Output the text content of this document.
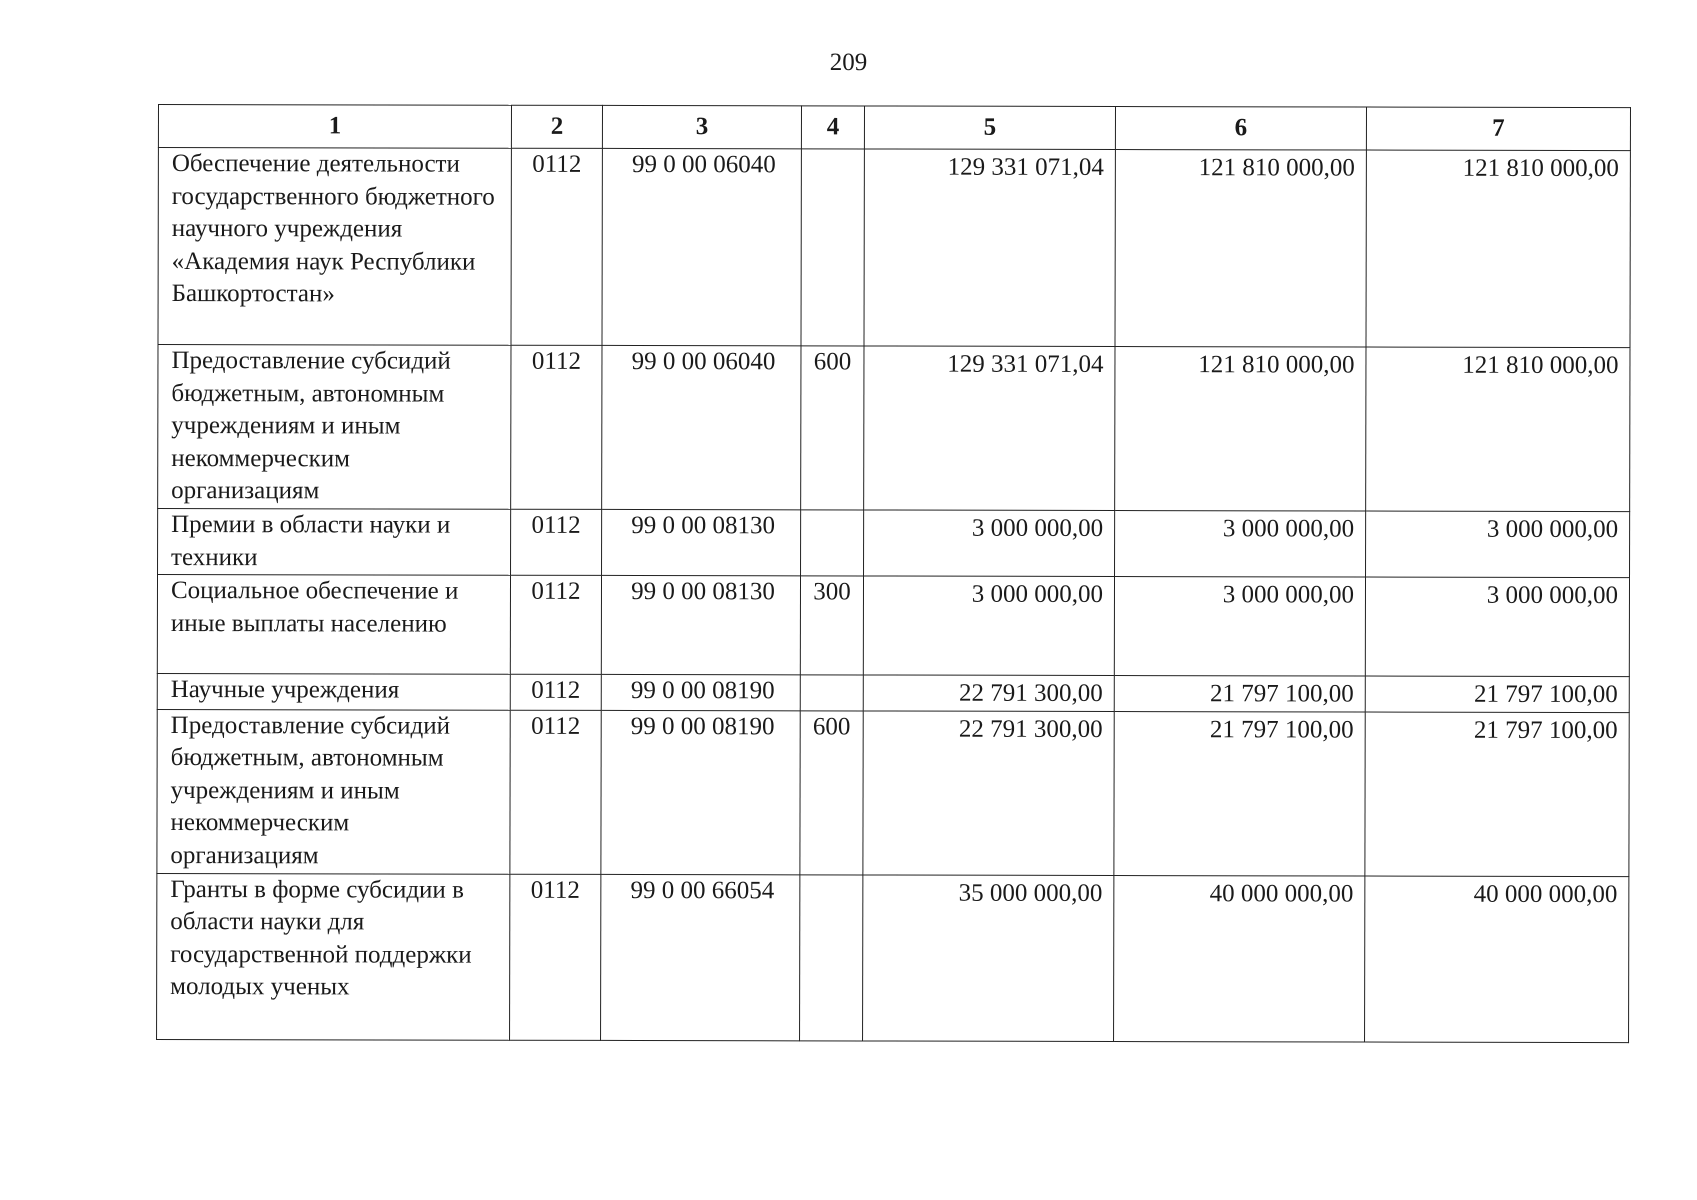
209
1	2	3	4	5	6	7
Обеспечение деятельности государственного бюджетного научного учреждения «Академия наук Республики Башкортостан»	0112	99 0 00 06040		129 331 071,04	121 810 000,00	121 810 000,00
Предоставление субсидий бюджетным, автономным учреждениям и иным некоммерческим организациям	0112	99 0 00 06040	600	129 331 071,04	121 810 000,00	121 810 000,00
Премии в области науки и техники	0112	99 0 00 08130		3 000 000,00	3 000 000,00	3 000 000,00
Социальное обеспечение и иные выплаты населению	0112	99 0 00 08130	300	3 000 000,00	3 000 000,00	3 000 000,00
Научные учреждения	0112	99 0 00 08190		22 791 300,00	21 797 100,00	21 797 100,00
Предоставление субсидий бюджетным, автономным учреждениям и иным некоммерческим организациям	0112	99 0 00 08190	600	22 791 300,00	21 797 100,00	21 797 100,00
Гранты в форме субсидии в области науки для государственной поддержки молодых ученых	0112	99 0 00 66054		35 000 000,00	40 000 000,00	40 000 000,00
